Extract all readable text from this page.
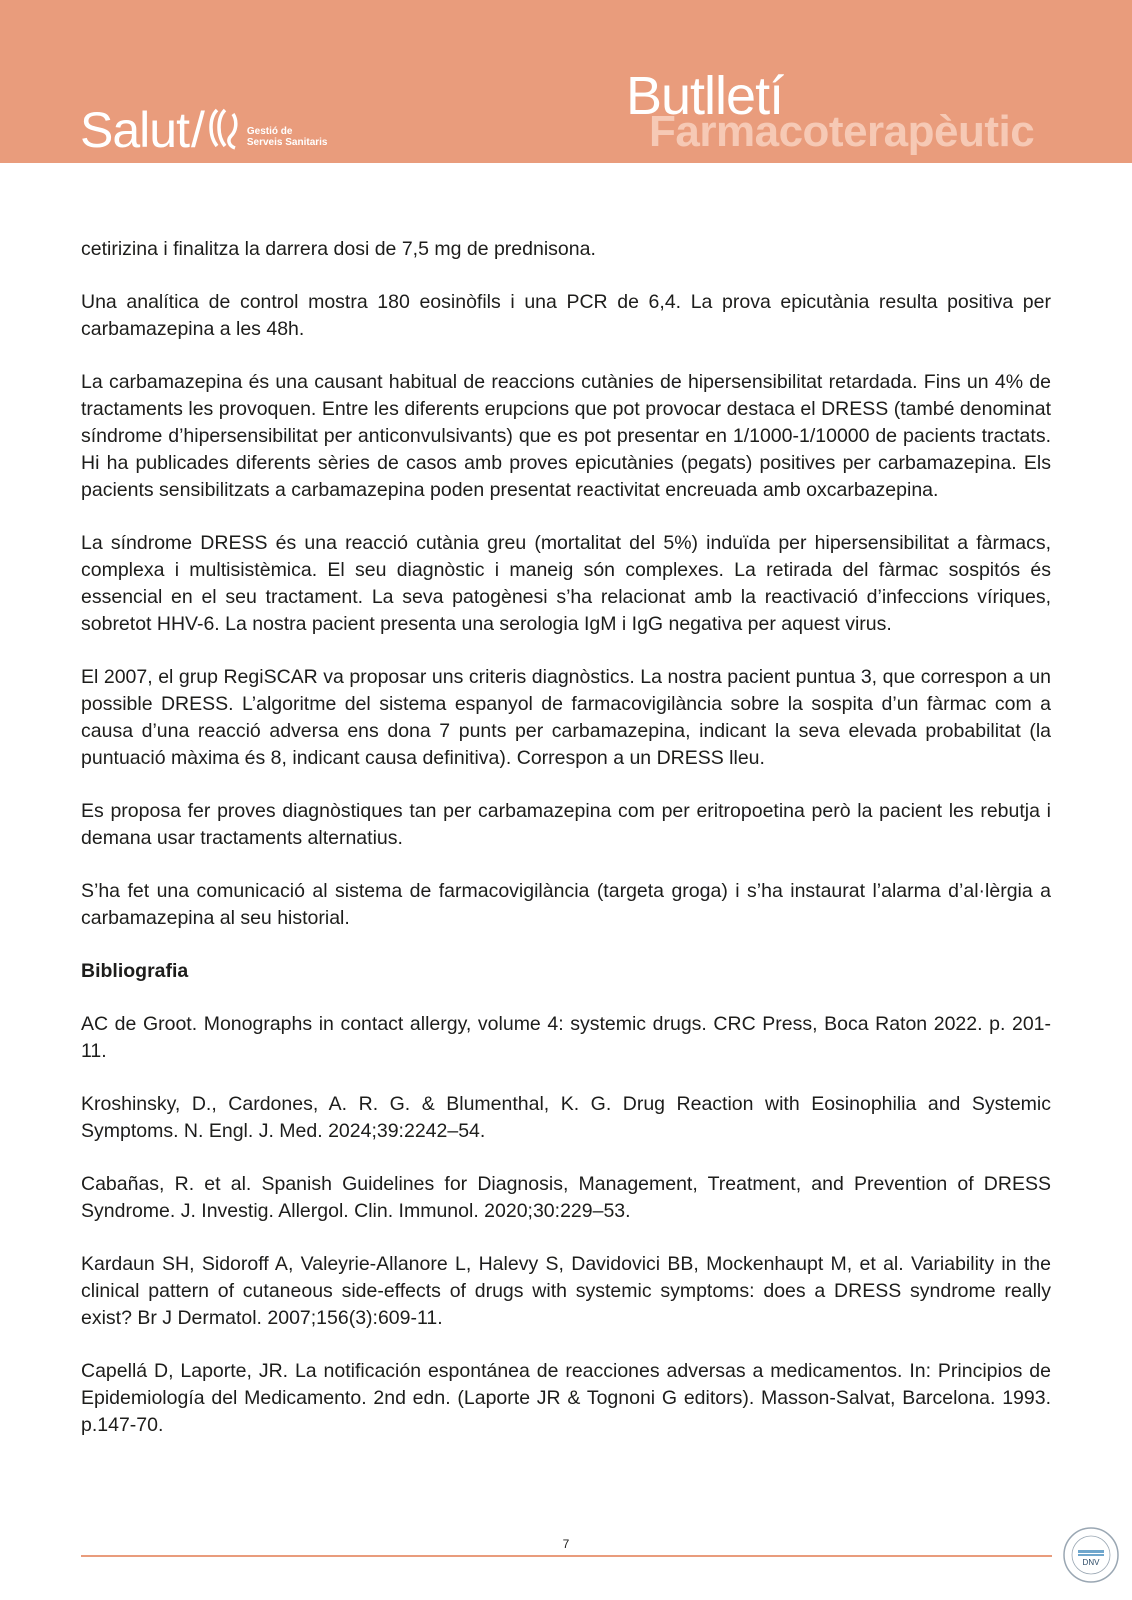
Salut /	Gestió de
Serveis Sanitaris
Butlletí
Farmacoterapèutic

cetirizina i finalitza la darrera dosi de 7,5 mg de prednisona.

Una analítica de control mostra 180 eosinòfils i una PCR de 6,4. La prova epicutània resulta positiva per carbamazepina a les 48h.

La carbamazepina és una causant habitual de reaccions cutànies de hipersensibilitat retardada. Fins un 4% de tractaments les provoquen. Entre les diferents erupcions que pot provocar destaca el DRESS (també denominat síndrome d’hipersensibilitat per anticonvulsivants) que es pot presentar en 1/1000-1/10000 de pacients tractats. Hi ha publicades diferents sèries de casos amb proves epicutànies (pegats) positives per carbamazepina. Els pacients sensibilitzats a carbamazepina poden presentat reactivitat encreuada amb oxcarbazepina.

La síndrome DRESS és una reacció cutània greu (mortalitat del 5%) induïda per hipersensibilitat a fàrmacs, complexa i multisistèmica. El seu diagnòstic i maneig són complexes. La retirada del fàrmac sospitós és essencial en el seu tractament. La seva patogènesi s’ha relacionat amb la reactivació d’infeccions víriques, sobretot HHV-6. La nostra pacient presenta una serologia IgM i IgG negativa per aquest virus.

El 2007, el grup RegiSCAR va proposar uns criteris diagnòstics. La nostra pacient puntua 3, que correspon a un possible DRESS. L’algoritme del sistema espanyol de farmacovigilància sobre la sospita d’un fàrmac com a causa d’una reacció adversa ens dona 7 punts per carbamazepina, indicant la seva elevada probabilitat (la puntuació màxima és 8, indicant causa definitiva). Correspon a un DRESS lleu.

Es proposa fer proves diagnòstiques tan per carbamazepina com per eritropoetina però la pacient les rebutja i demana usar tractaments alternatius.

S’ha fet una comunicació al sistema de farmacovigilància (targeta groga) i s’ha instaurat l’alarma d’al·lèrgia a carbamazepina al seu historial.

Bibliografia

AC de Groot. Monographs in contact allergy, volume 4: systemic drugs. CRC Press, Boca Raton 2022. p. 201-11.

Kroshinsky, D., Cardones, A. R. G. & Blumenthal, K. G. Drug Reaction with Eosinophilia and Systemic Symptoms. N. Engl. J. Med. 2024;39:2242–54.

Cabañas, R. et al. Spanish Guidelines for Diagnosis, Management, Treatment, and Prevention of DRESS Syndrome. J. Investig. Allergol. Clin. Immunol. 2020;30:229–53.

Kardaun SH, Sidoroff A, Valeyrie-Allanore L, Halevy S, Davidovici BB, Mockenhaupt M, et al. Variability in the clinical pattern of cutaneous side-effects of drugs with systemic symptoms: does a DRESS syndrome really exist? Br J Dermatol. 2007;156(3):609-11.

Capellá D, Laporte, JR. La notificación espontánea de reacciones adversas a medicamentos. In: Principios de Epidemiología del Medicamento. 2nd edn. (Laporte JR & Tognoni G editors). Masson-Salvat, Barcelona. 1993. p.147-70.

7
DNV
